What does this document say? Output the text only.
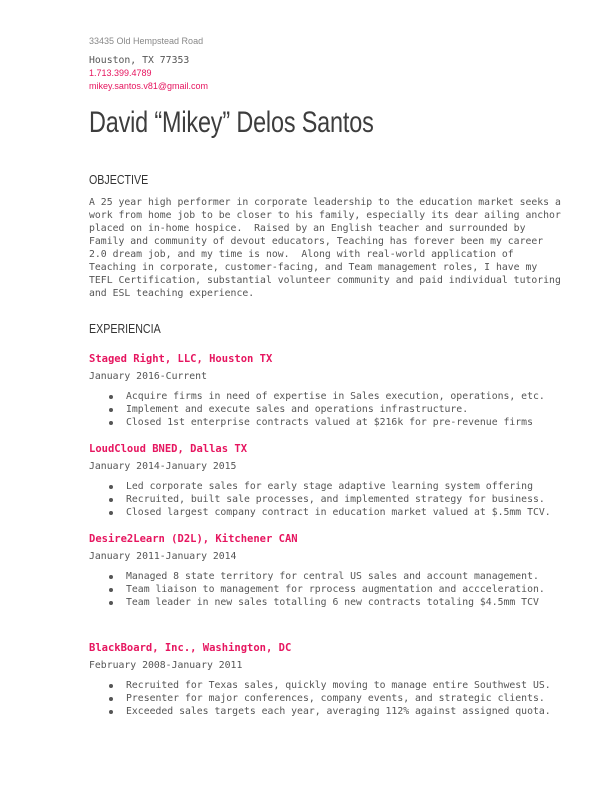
33435 Old Hempstead Road
Houston, TX 77353
1.713.399.4789
mikey.santos.v81@gmail.com
David “Mikey” Delos Santos
OBJECTIVE
A 25 year high performer in corporate leadership to the education market seeks a
work from home job to be closer to his family, especially its dear ailing anchor
placed on in-home hospice.  Raised by an English teacher and surrounded by
Family and community of devout educators, Teaching has forever been my career
2.0 dream job, and my time is now.  Along with real-world application of
Teaching in corporate, customer-facing, and Team management roles, I have my
TEFL Certification, substantial volunteer community and paid individual tutoring
and ESL teaching experience.
EXPERIENCIA
Staged Right, LLC, Houston TX
January 2016-Current
Acquire firms in need of expertise in Sales execution, operations, etc.
Implement and execute sales and operations infrastructure.
Closed 1st enterprise contracts valued at $216k for pre-revenue firms
LoudCloud BNED, Dallas TX
January 2014-January 2015
Led corporate sales for early stage adaptive learning system offering
Recruited, built sale processes, and implemented strategy for business.
Closed largest company contract in education market valued at $.5mm TCV.
Desire2Learn (D2L), Kitchener CAN
January 2011-January 2014
Managed 8 state territory for central US sales and account management.
Team liaison to management for rprocess augmentation and accceleration.
Team leader in new sales totalling 6 new contracts totaling $4.5mm TCV
BlackBoard, Inc., Washington, DC
February 2008-January 2011
Recruited for Texas sales, quickly moving to manage entire Southwest US.
Presenter for major conferences, company events, and strategic clients.
Exceeded sales targets each year, averaging 112% against assigned quota.
